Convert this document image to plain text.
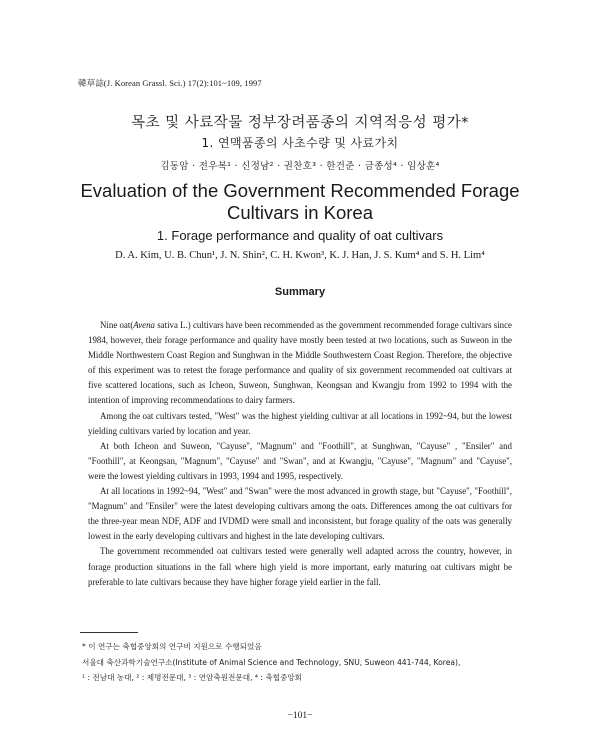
韓草誌(J. Korean Grassl. Sci.) 17(2):101~109, 1997
목초 및 사료작물 정부장려품종의 지역적응성 평가*
1. 연맥품종의 사초수량 및 사료가치
김동암 · 전우복¹ · 신정남² · 권찬호³ · 한건준 · 금종성⁴ · 임상훈⁴
Evaluation of the Government Recommended Forage
Cultivars in Korea
1. Forage performance and quality of oat cultivars
D. A. Kim, U. B. Chun¹, J. N. Shin², C. H. Kwon³, K. J. Han, J. S. Kum⁴ and S. H. Lim⁴
Summary

Nine oat(Avena sativa L.) cultivars have been recommended as the government recommended forage cultivars since 1984, however, their forage performance and quality have mostly been tested at two locations, such as Suweon in the Middle Northwestern Coast Region and Sunghwan in the Middle Southwestern Coast Region. Therefore, the objective of this experiment was to retest the forage performance and quality of six government recommended oat cultivars at five scattered locations, such as Icheon, Suweon, Sunghwan, Keongsan and Kwangju from 1992 to 1994 with the intention of improving recommendations to dairy farmers.

Among the oat cultivars tested, "West" was the highest yielding cultivar at all locations in 1992~94, but the lowest yielding cultivars varied by location and year.

At both Icheon and Suweon, "Cayuse", "Magnum" and "Foothill", at Sunghwan, "Cayuse" , "Ensiler" and "Foothill", at Keongsan, "Magnum", "Cayuse" and "Swan", and at Kwangju, "Cayuse", "Magnum" and "Cayuse", were the lowest yielding cultivars in 1993, 1994 and 1995, respectively.

At all locations in 1992~94, "West" and "Swan" were the most advanced in growth stage, but "Cayuse", "Foothill", "Magnum" and "Ensiler" were the latest developing cultivars among the oats. Differences among the oat cultivars for the three-year mean NDF, ADF and IVDMD were small and inconsistent, but forage quality of the oats was generally lowest in the early developing cultivars and highest in the late developing cultivars.

The government recommended oat cultivars tested were generally well adapted across the country, however, in forage production situations in the fall where high yield is more important, early maturing oat cultivars might be preferable to late cultivars because they have higher forage yield earlier in the fall.

* 이 연구는 축협중앙회의 연구비 지원으로 수행되었음
서울대 축산과학기술연구소(Institute of Animal Science and Technology, SNU, Suweon 441-744, Korea),
¹ : 전남대 농대, ² : 제명전문대, ³ : 연암축원전문대, ⁴ : 축협중앙회
−101−
